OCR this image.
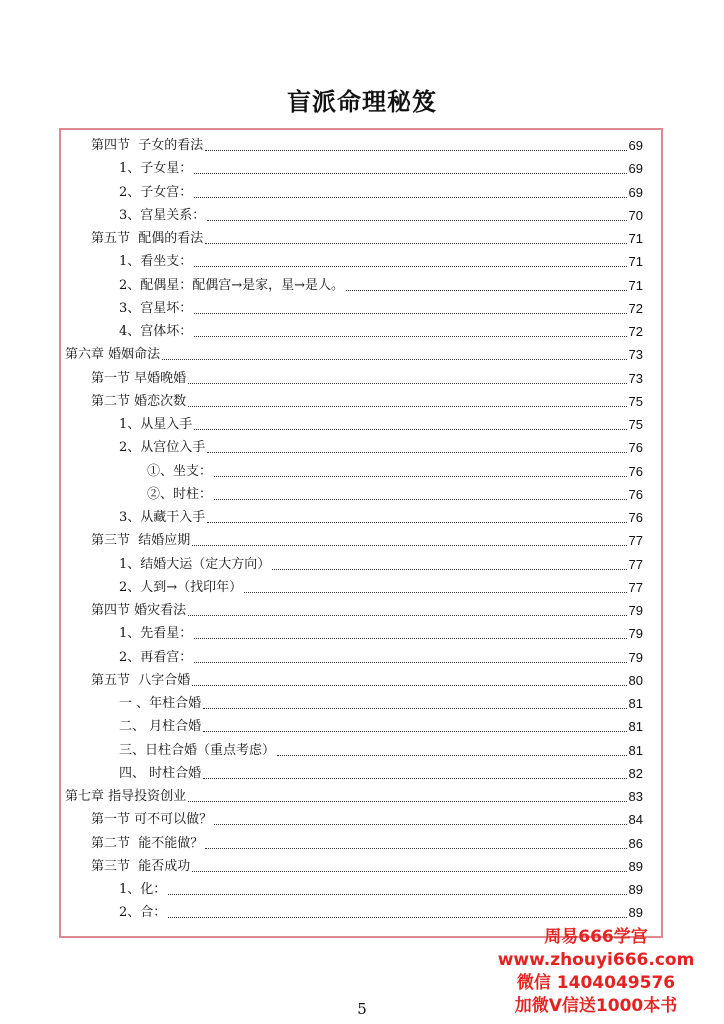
盲派命理秘笈
第四节  子女的看法	69
1、子女星：	69
2、子女宫：	69
3、宫星关系：	70
第五节  配偶的看法	71
1、看坐支：	71
2、配偶星：配偶宫→是家，星→是人。	71
3、宫星坏：	72
4、宫体坏：	72
第六章 婚姻命法	73
第一节 早婚晚婚	73
第二节 婚恋次数	75
1、从星入手	75
2、从宫位入手	76
①、坐支：	76
②、时柱：	76
3、从藏干入手	76
第三节  结婚应期	77
1、结婚大运（定大方向）	77
2、人到→（找印年）	77
第四节 婚灾看法	79
1、先看星：	79
2、再看宫：	79
第五节  八字合婚	80
一 、年柱合婚	81
二、 月柱合婚	81
三、日柱合婚（重点考虑）	81
四、 时柱合婚	82
第七章 指导投资创业	83
第一节 可不可以做？	84
第二节  能不能做？	86
第三节  能否成功	89
1、化：	89
2、合：	89
周易666学宫
www.zhouyi666.com
微信 1404049576
加微V信送1000本书
5
